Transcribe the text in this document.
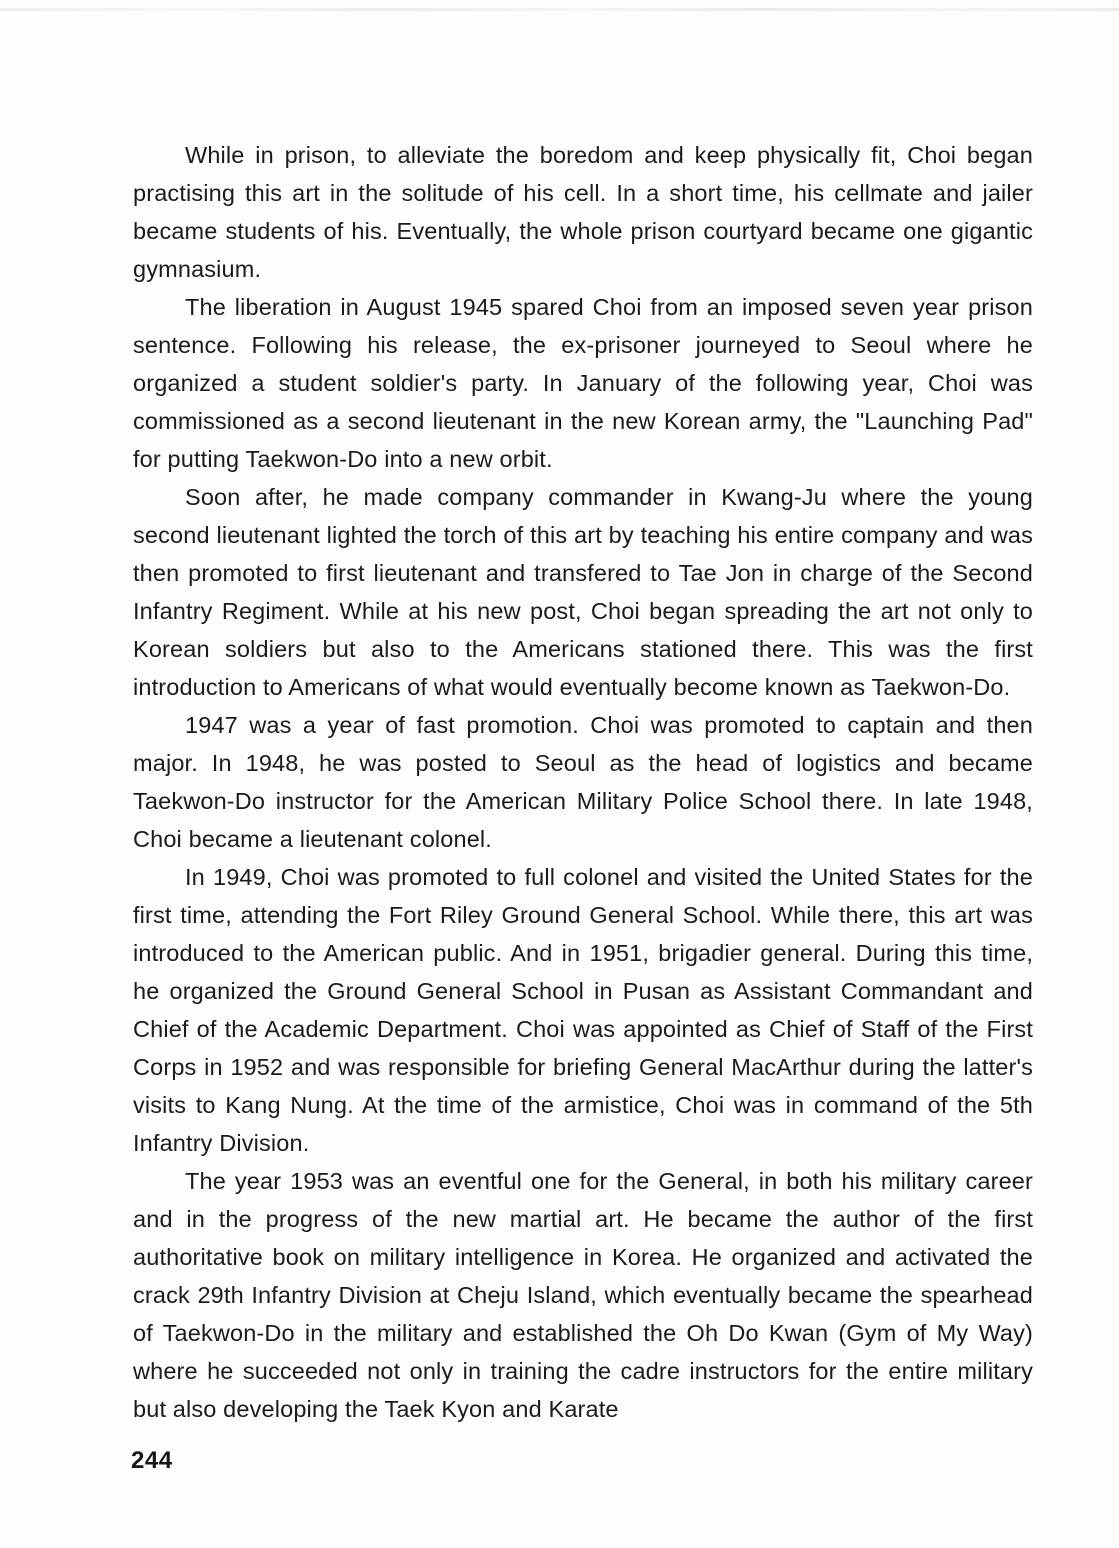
While in prison, to alleviate the boredom and keep physically fit, Choi began practising this art in the solitude of his cell. In a short time, his cellmate and jailer became students of his. Eventually, the whole prison courtyard became one gigantic gymnasium.

The liberation in August 1945 spared Choi from an imposed seven year prison sentence. Following his release, the ex-prisoner journeyed to Seoul where he organized a student soldier's party. In January of the following year, Choi was commissioned as a second lieutenant in the new Korean army, the "Launching Pad" for putting Taekwon-Do into a new orbit.

Soon after, he made company commander in Kwang-Ju where the young second lieutenant lighted the torch of this art by teaching his entire company and was then promoted to first lieutenant and transfered to Tae Jon in charge of the Second Infantry Regiment. While at his new post, Choi began spreading the art not only to Korean soldiers but also to the Americans stationed there. This was the first introduction to Americans of what would eventually become known as Taekwon-Do.

1947 was a year of fast promotion. Choi was promoted to captain and then major. In 1948, he was posted to Seoul as the head of logistics and became Taekwon-Do instructor for the American Military Police School there. In late 1948, Choi became a lieutenant colonel.

In 1949, Choi was promoted to full colonel and visited the United States for the first time, attending the Fort Riley Ground General School. While there, this art was introduced to the American public. And in 1951, brigadier general. During this time, he organized the Ground General School in Pusan as Assistant Commandant and Chief of the Academic Department. Choi was appointed as Chief of Staff of the First Corps in 1952 and was responsible for briefing General MacArthur during the latter's visits to Kang Nung. At the time of the armistice, Choi was in command of the 5th Infantry Division.

The year 1953 was an eventful one for the General, in both his military career and in the progress of the new martial art. He became the author of the first authoritative book on military intelligence in Korea. He organized and activated the crack 29th Infantry Division at Cheju Island, which eventually became the spearhead of Taekwon-Do in the military and established the Oh Do Kwan (Gym of My Way) where he succeeded not only in training the cadre instructors for the entire military but also developing the Taek Kyon and Karate

244
